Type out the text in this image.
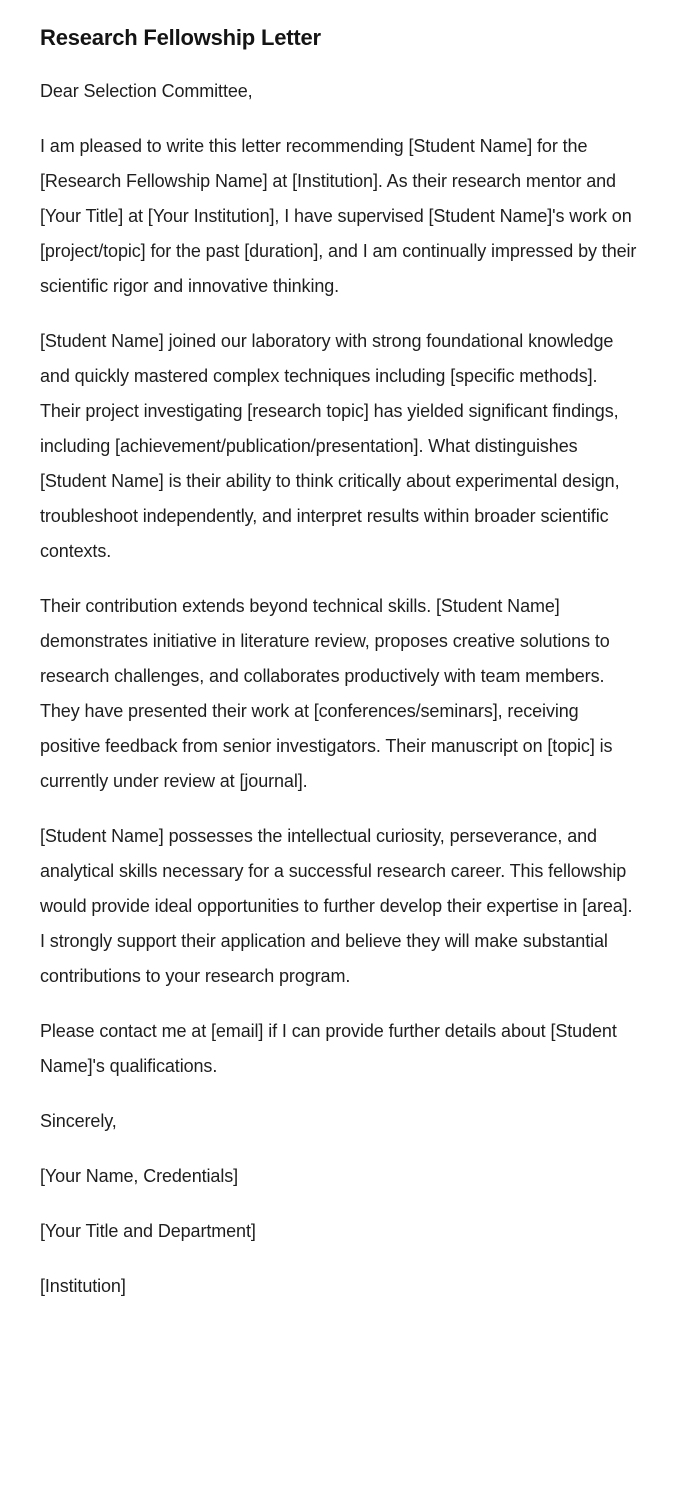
Research Fellowship Letter

Dear Selection Committee,

I am pleased to write this letter recommending [Student Name] for the [Research Fellowship Name] at [Institution]. As their research mentor and [Your Title] at [Your Institution], I have supervised [Student Name]'s work on [project/topic] for the past [duration], and I am continually impressed by their scientific rigor and innovative thinking.

[Student Name] joined our laboratory with strong foundational knowledge and quickly mastered complex techniques including [specific methods]. Their project investigating [research topic] has yielded significant findings, including [achievement/publication/presentation]. What distinguishes [Student Name] is their ability to think critically about experimental design, troubleshoot independently, and interpret results within broader scientific contexts.

Their contribution extends beyond technical skills. [Student Name] demonstrates initiative in literature review, proposes creative solutions to research challenges, and collaborates productively with team members. They have presented their work at [conferences/seminars], receiving positive feedback from senior investigators. Their manuscript on [topic] is currently under review at [journal].

[Student Name] possesses the intellectual curiosity, perseverance, and analytical skills necessary for a successful research career. This fellowship would provide ideal opportunities to further develop their expertise in [area]. I strongly support their application and believe they will make substantial contributions to your research program.

Please contact me at [email] if I can provide further details about [Student Name]'s qualifications.

Sincerely,

[Your Name, Credentials]

[Your Title and Department]

[Institution]
